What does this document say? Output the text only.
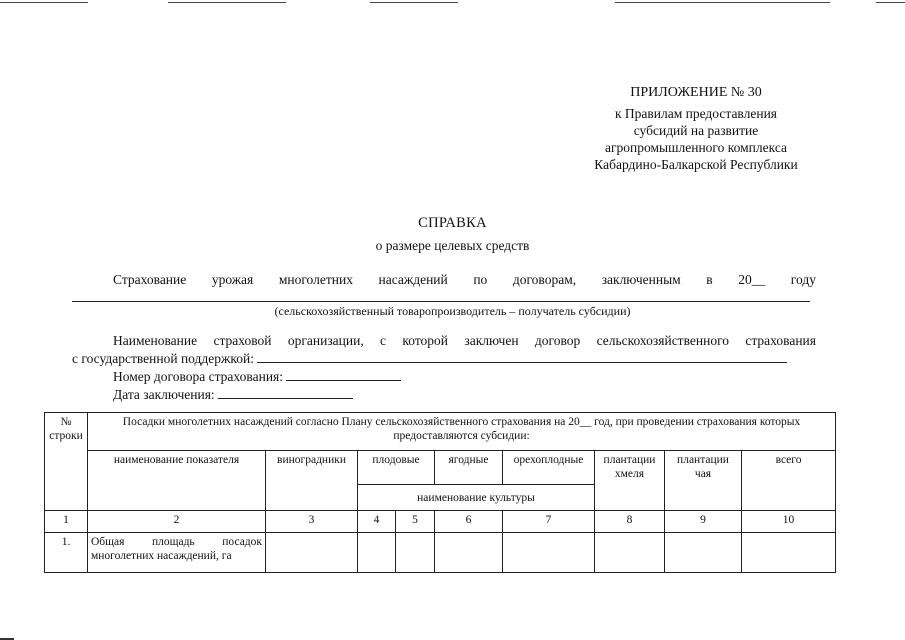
ПРИЛОЖЕНИЕ № 30
к Правилам предоставления
субсидий на развитие
агропромышленного комплекса
Кабардино-Балкарской Республики
СПРАВКА
о размере целевых средств
Страхование урожая многолетних насаждений по договорам, заключенным в 20__ году
(сельскохозяйственный товаропроизводитель – получатель субсидии)
Наименование страховой организации, с которой заключен договор сельскохозяйственного страхования
с государственной поддержкой:
Номер договора страхования:
Дата заключения:
№ строки	Посадки многолетних насаждений согласно Плану сельскохозяйственного страхования на 20__ год, при проведении страхования которых предоставляются субсидии:								
	наименование показателя	виноградники	плодовые		ягодные	орехоплодные	плантации хмеля	плантации чая	всего
			наименование культуры						
1	2	3	4	5	6	7	8	9	10
1.	Общая площадь посадок многолетних насаждений, га								
